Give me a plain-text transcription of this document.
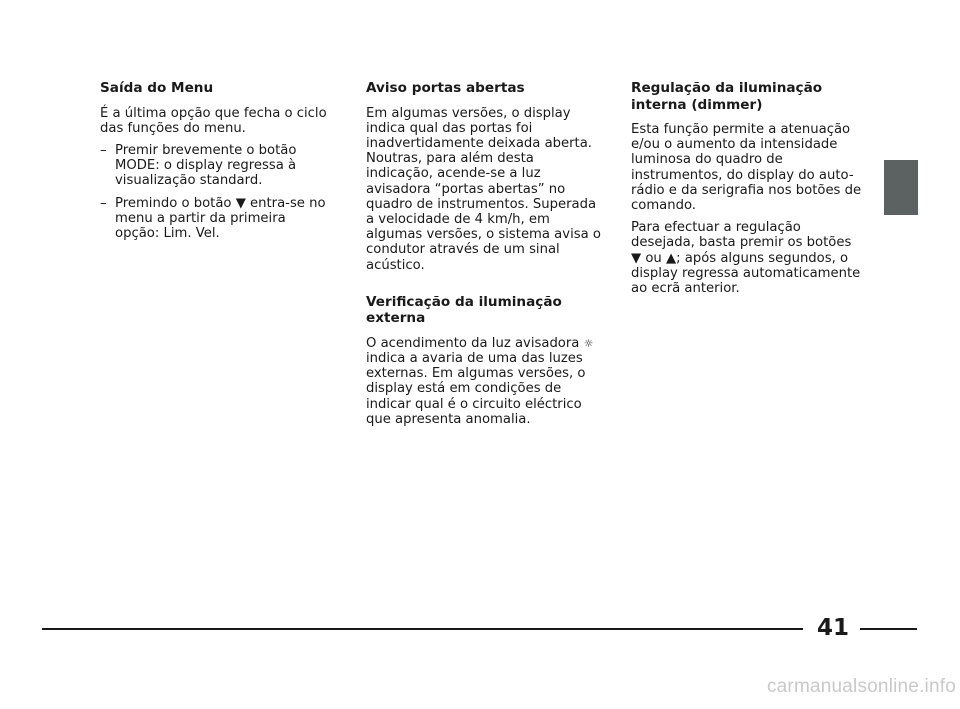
Saída do Menu

É a última opção que fecha o ciclo das funções do menu.

– Premir brevemente o botão MODE: o display regressa à visualização standard.
– Premindo o botão ▼ entra-se no menu a partir da primeira opção: Lim. Vel.
Aviso portas abertas

Em algumas versões, o display indica qual das portas foi inadvertidamente deixada aberta. Noutras, para além desta indicação, acende-se a luz avisadora “portas abertas” no quadro de instrumentos. Superada a velocidade de 4 km/h, em algumas versões, o sistema avisa o condutor através de um sinal acústico.

Verificação da iluminação externa

O acendimento da luz avisadora ☼ indica a avaria de uma das luzes externas. Em algumas versões, o display está em condições de indicar qual é o circuito eléctrico que apresenta anomalia.

Regulação da iluminação interna (dimmer)

Esta função permite a atenuação e/ou o aumento da intensidade luminosa do quadro de instrumentos, do display do auto-rádio e da serigrafia nos botões de comando.

Para efectuar a regulação desejada, basta premir os botões ▼ ou ▲; após alguns segundos, o display regressa automaticamente ao ecrã anterior.

41
carmanualsonline.info
